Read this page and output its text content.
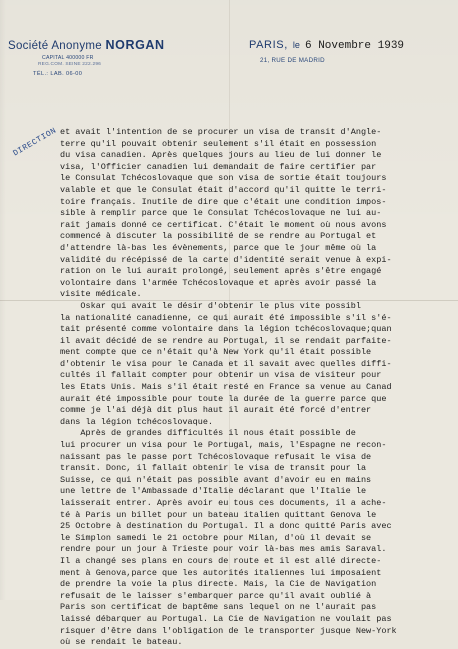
Société Anonyme NORGAN
CAPITAL 400000 FR
REG.COM. SEINE 222.296
TÉL.: LAB. 06-00
PARIS, le 6 Novembre 1939
21, RUE DE MADRID
DIRECTION et avait l'intention de se procurer un visa de transit d'Angle-
terre qu'il pouvait obtenir seulement s'il était en possession
du visa canadien. Après quelques jours au lieu de lui donner le
visa, l'Officier canadien lui demandait de faire certifier par
le Consulat Tchécoslovaque que son visa de sortie était toujours
valable et que le Consulat était d'accord qu'il quitte le terri-
toire français. Inutile de dire que c'était une condition impos-
sible à remplir parce que le Consulat Tchécoslovaque ne lui au-
rait jamais donné ce certificat. C'était le moment où nous avons
commencé à discuter la possibilité de se rendre au Portugal et
d'attendre là-bas les évènements, parce que le jour même où la
validité du récépissé de la carte d'identité serait venue à expi-
ration on le lui aurait prolongé, seulement après s'être engagé
volontaire dans l'armée Tchécoslovaque et après avoir passé la
visite médicale.
Oskar qui avait le désir d'obtenir le plus vite possibl
la nationalité canadienne, ce qui aurait été impossible s'il s'é-
tait présenté comme volontaire dans la légion tchécoslovaque;quan
il avait décidé de se rendre au Portugal, il se rendait parfaite-
ment compte que ce n'était qu'à New York qu'il était possible
d'obtenir le visa pour le Canada et il savait avec quelles diffi-
cultés il fallait compter pour obtenir un visa de visiteur pour
les Etats Unis. Mais s'il était resté en France sa venue au Canad
aurait été impossible pour toute la durée de la guerre parce que
comme je l'ai déjà dit plus haut il aurait été forcé d'entrer
dans la légion tchécoslovaque.
Après de grandes difficultés il nous était possible de
lui procurer un visa pour le Portugal, mais, l'Espagne ne recon-
naissant pas le passe port Tchécoslovaque refusait le visa de
transit. Donc, il fallait obtenir le visa de transit pour la
Suisse, ce qui n'était pas possible avant d'avoir eu en mains
une lettre de l'Ambassade d'Italie déclarant que l'Italie le
laisserait entrer. Après avoir eu tous ces documents, il a ache-
té à Paris un billet pour un bateau italien quittant Genova le
25 Octobre à destination du Portugal. Il a donc quitté Paris avec
le Simplon samedi le 21 octobre pour Milan, d'où il devait se
rendre pour un jour à Trieste pour voir là-bas mes amis Saraval.
Il a changé ses plans en cours de route et il est allé directe-
ment à Genova,parce que les autorités italiennes lui imposaient
de prendre la voie la plus directe. Mais, la Cie de Navigation
refusait de le laisser s'embarquer parce qu'il avait oublié à
Paris son certificat de baptême sans lequel on ne l'aurait pas
laissé débarquer au Portugal. La Cie de Navigation ne voulait pas
risquer d'être dans l'obligation de le transporter jusque New-York
où se rendait le bateau.
